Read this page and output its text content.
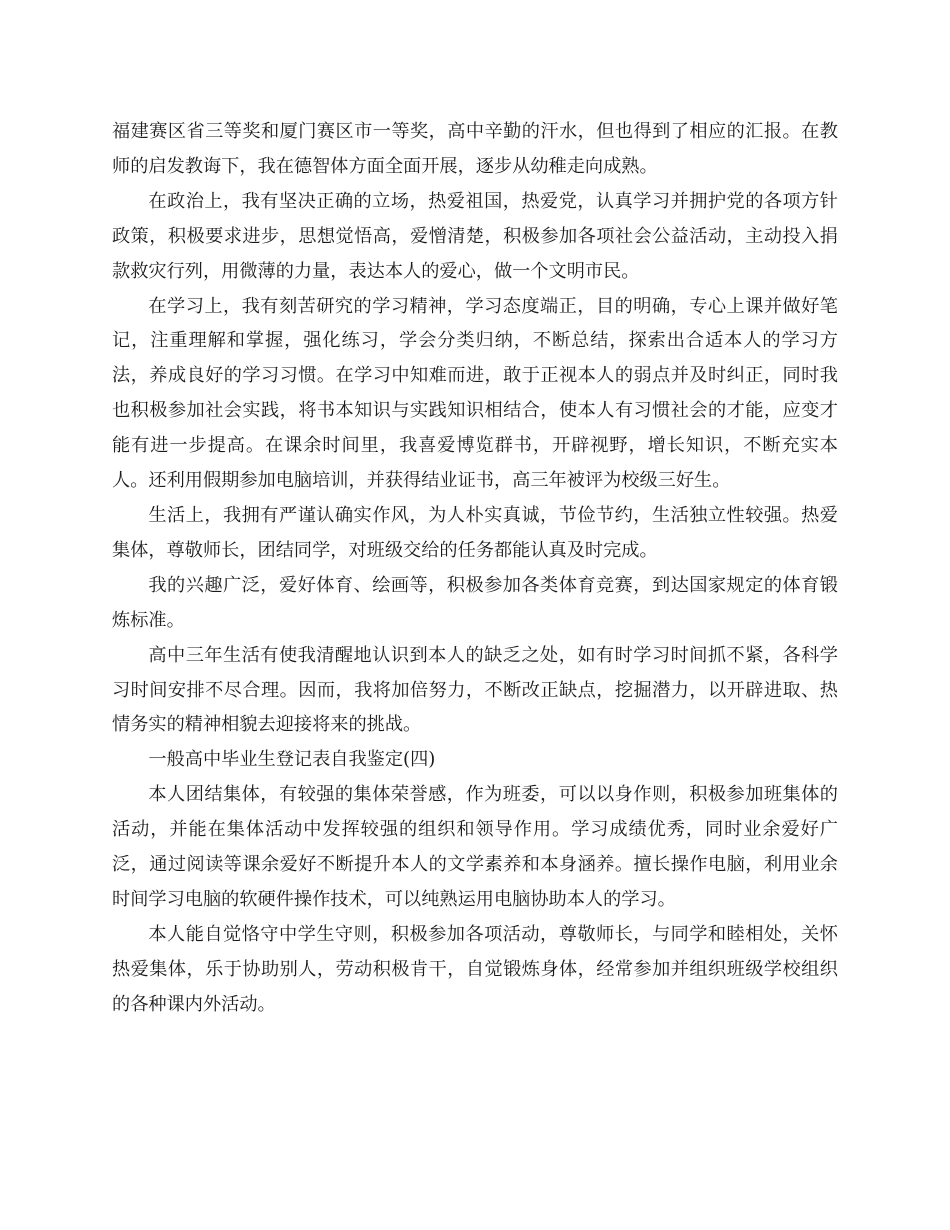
福建赛区省三等奖和厦门赛区市一等奖，高中辛勤的汗水，但也得到了相应的汇报。在教师的启发教诲下，我在德智体方面全面开展，逐步从幼稚走向成熟。

在政治上，我有坚决正确的立场，热爱祖国，热爱党，认真学习并拥护党的各项方针政策，积极要求进步，思想觉悟高，爱憎清楚，积极参加各项社会公益活动，主动投入捐款救灾行列，用微薄的力量，表达本人的爱心，做一个文明市民。

在学习上，我有刻苦研究的学习精神，学习态度端正，目的明确，专心上课并做好笔记，注重理解和掌握，强化练习，学会分类归纳，不断总结，探索出合适本人的学习方法，养成良好的学习习惯。在学习中知难而进，敢于正视本人的弱点并及时纠正，同时我也积极参加社会实践，将书本知识与实践知识相结合，使本人有习惯社会的才能，应变才能有进一步提高。在课余时间里，我喜爱博览群书，开辟视野，增长知识，不断充实本人。还利用假期参加电脑培训，并获得结业证书，高三年被评为校级三好生。

生活上，我拥有严谨认确实作风，为人朴实真诚，节俭节约，生活独立性较强。热爱集体，尊敬师长，团结同学，对班级交给的任务都能认真及时完成。

我的兴趣广泛，爱好体育、绘画等，积极参加各类体育竞赛，到达国家规定的体育锻炼标准。

高中三年生活有使我清醒地认识到本人的缺乏之处，如有时学习时间抓不紧，各科学习时间安排不尽合理。因而，我将加倍努力，不断改正缺点，挖掘潜力，以开辟进取、热情务实的精神相貌去迎接将来的挑战。

一般高中毕业生登记表自我鉴定(四)

本人团结集体，有较强的集体荣誉感，作为班委，可以以身作则，积极参加班集体的活动，并能在集体活动中发挥较强的组织和领导作用。学习成绩优秀，同时业余爱好广泛，通过阅读等课余爱好不断提升本人的文学素养和本身涵养。擅长操作电脑，利用业余时间学习电脑的软硬件操作技术，可以纯熟运用电脑协助本人的学习。

本人能自觉恪守中学生守则，积极参加各项活动，尊敬师长，与同学和睦相处，关怀热爱集体，乐于协助别人，劳动积极肯干，自觉锻炼身体，经常参加并组织班级学校组织的各种课内外活动。
